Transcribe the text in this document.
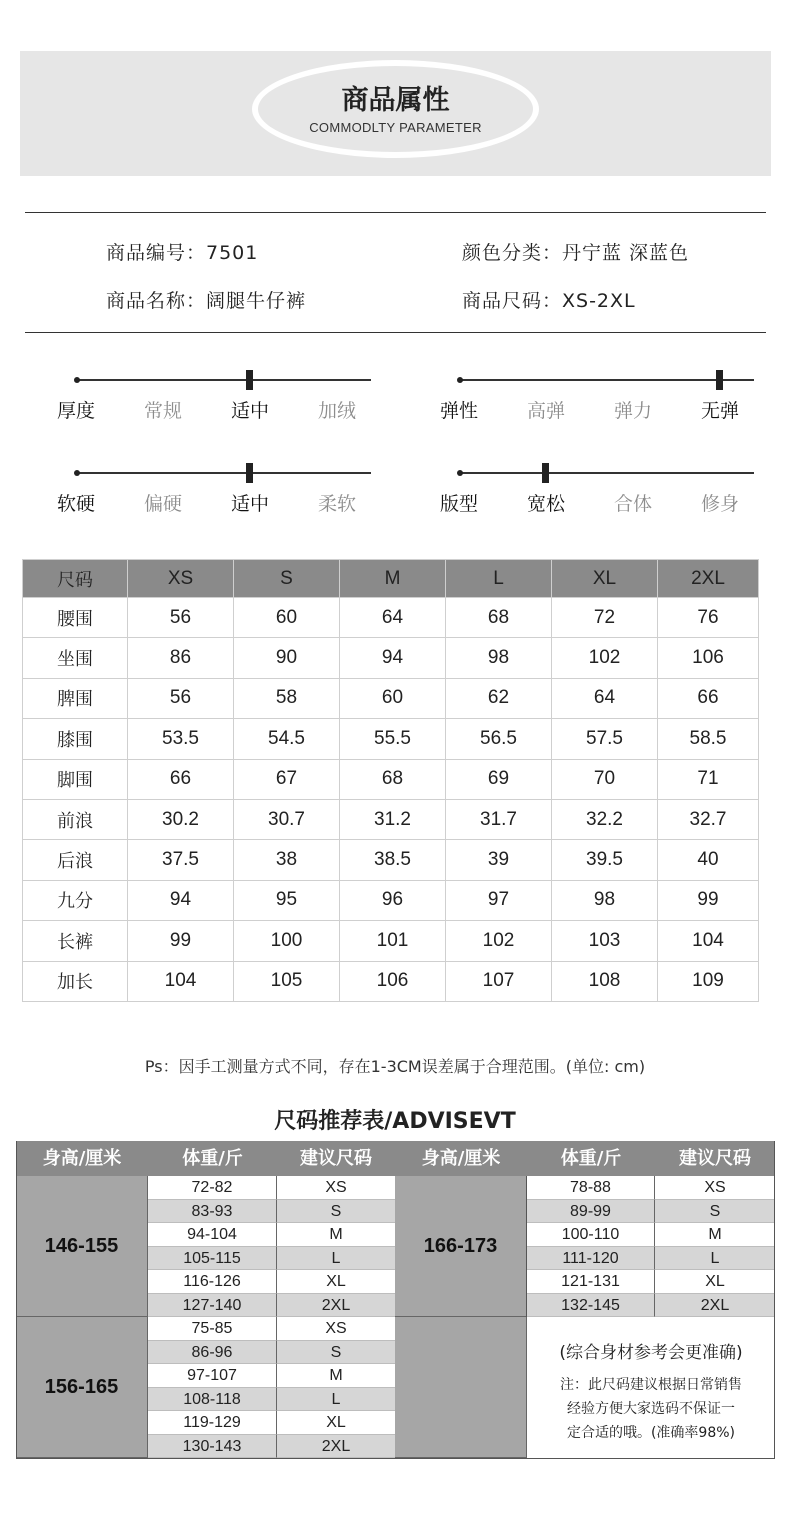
商品属性
COMMODLTY PARAMETER
商品编号：7501	颜色分类：丹宁蓝 深蓝色
商品名称：阔腿牛仔裤	商品尺码：XS-2XL
厚度	常规	适中	加绒	弹性	高弹	弹力	无弹
软硬	偏硬	适中	柔软	版型	宽松	合体	修身
尺码	XS	S	M	L	XL	2XL
腰围	56	60	64	68	72	76
坐围	86	90	94	98	102	106
脾围	56	58	60	62	64	66
膝围	53.5	54.5	55.5	56.5	57.5	58.5
脚围	66	67	68	69	70	71
前浪	30.2	30.7	31.2	31.7	32.2	32.7
后浪	37.5	38	38.5	39	39.5	40
九分	94	95	96	97	98	99
长裤	99	100	101	102	103	104
加长	104	105	106	107	108	109
Ps：因手工测量方式不同，存在1-3CM误差属于合理范围。(单位: cm)
尺码推荐表/ADVISEVT
身高/厘米	体重/斤	建议尺码	身高/厘米	体重/斤	建议尺码
146-155
72-82	XS
83-93	S
94-104	M
105-115	L
116-126	XL
127-140	2XL
166-173
78-88	XS
89-99	S
100-110	M
111-120	L
121-131	XL
132-145	2XL
156-165
75-85	XS
86-96	S
97-107	M
108-118	L
119-129	XL
130-143	2XL
(综合身材参考会更准确)
注：此尺码建议根据日常销售
经验方便大家选码不保证一
定合适的哦。(准确率98%)
